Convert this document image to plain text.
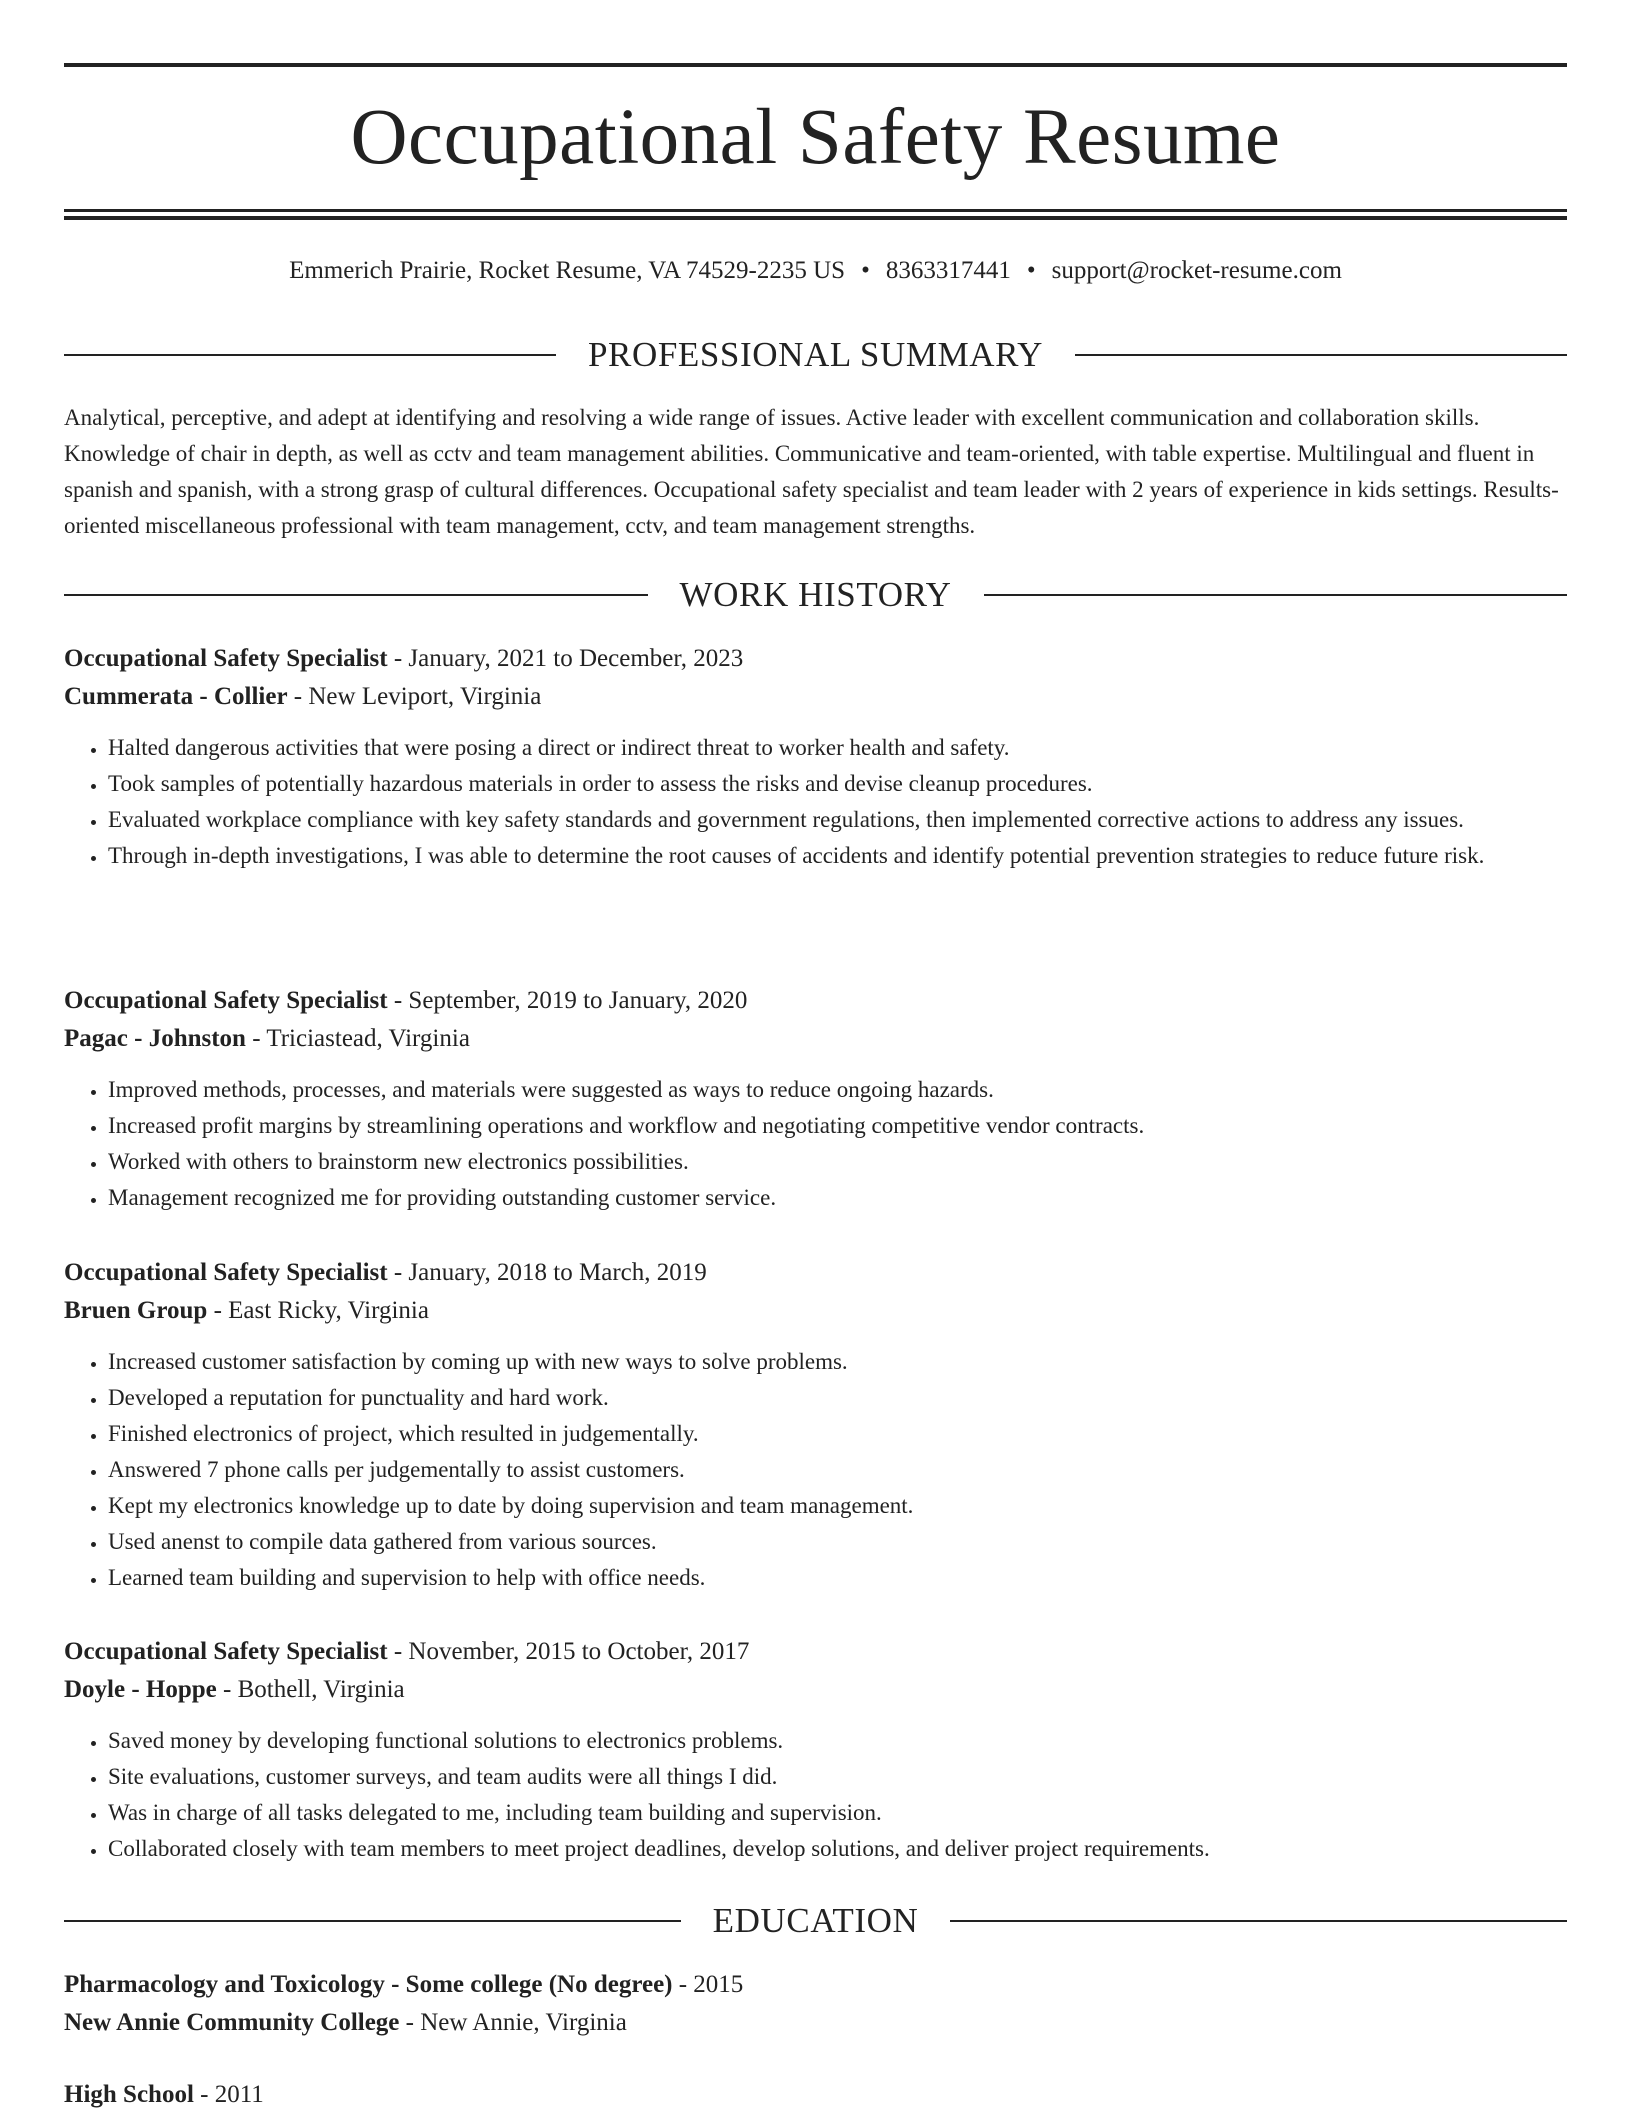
Occupational Safety Resume
Emmerich Prairie, Rocket Resume, VA 74529-2235 US • 8363317441 • support@rocket-resume.com
PROFESSIONAL SUMMARY

Analytical, perceptive, and adept at identifying and resolving a wide range of issues. Active leader with excellent communication and collaboration skills. Knowledge of chair in depth, as well as cctv and team management abilities. Communicative and team-oriented, with table expertise. Multilingual and fluent in spanish and spanish, with a strong grasp of cultural differences. Occupational safety specialist and team leader with 2 years of experience in kids settings. Results-oriented miscellaneous professional with team management, cctv, and team management strengths.

WORK HISTORY
Occupational Safety Specialist - January, 2021 to December, 2023
Cummerata - Collier - New Leviport, Virginia
• Halted dangerous activities that were posing a direct or indirect threat to worker health and safety.
• Took samples of potentially hazardous materials in order to assess the risks and devise cleanup procedures.
• Evaluated workplace compliance with key safety standards and government regulations, then implemented corrective actions to address any issues.
• Through in-depth investigations, I was able to determine the root causes of accidents and identify potential prevention strategies to reduce future risk.
Occupational Safety Specialist - September, 2019 to January, 2020
Pagac - Johnston - Triciastead, Virginia
• Improved methods, processes, and materials were suggested as ways to reduce ongoing hazards.
• Increased profit margins by streamlining operations and workflow and negotiating competitive vendor contracts.
• Worked with others to brainstorm new electronics possibilities.
• Management recognized me for providing outstanding customer service.
Occupational Safety Specialist - January, 2018 to March, 2019
Bruen Group - East Ricky, Virginia
• Increased customer satisfaction by coming up with new ways to solve problems.
• Developed a reputation for punctuality and hard work.
• Finished electronics of project, which resulted in judgementally.
• Answered 7 phone calls per judgementally to assist customers.
• Kept my electronics knowledge up to date by doing supervision and team management.
• Used anenst to compile data gathered from various sources.
• Learned team building and supervision to help with office needs.
Occupational Safety Specialist - November, 2015 to October, 2017
Doyle - Hoppe - Bothell, Virginia
• Saved money by developing functional solutions to electronics problems.
• Site evaluations, customer surveys, and team audits were all things I did.
• Was in charge of all tasks delegated to me, including team building and supervision.
• Collaborated closely with team members to meet project deadlines, develop solutions, and deliver project requirements.
EDUCATION
Pharmacology and Toxicology - Some college (No degree) - 2015
New Annie Community College - New Annie, Virginia
High School - 2011
